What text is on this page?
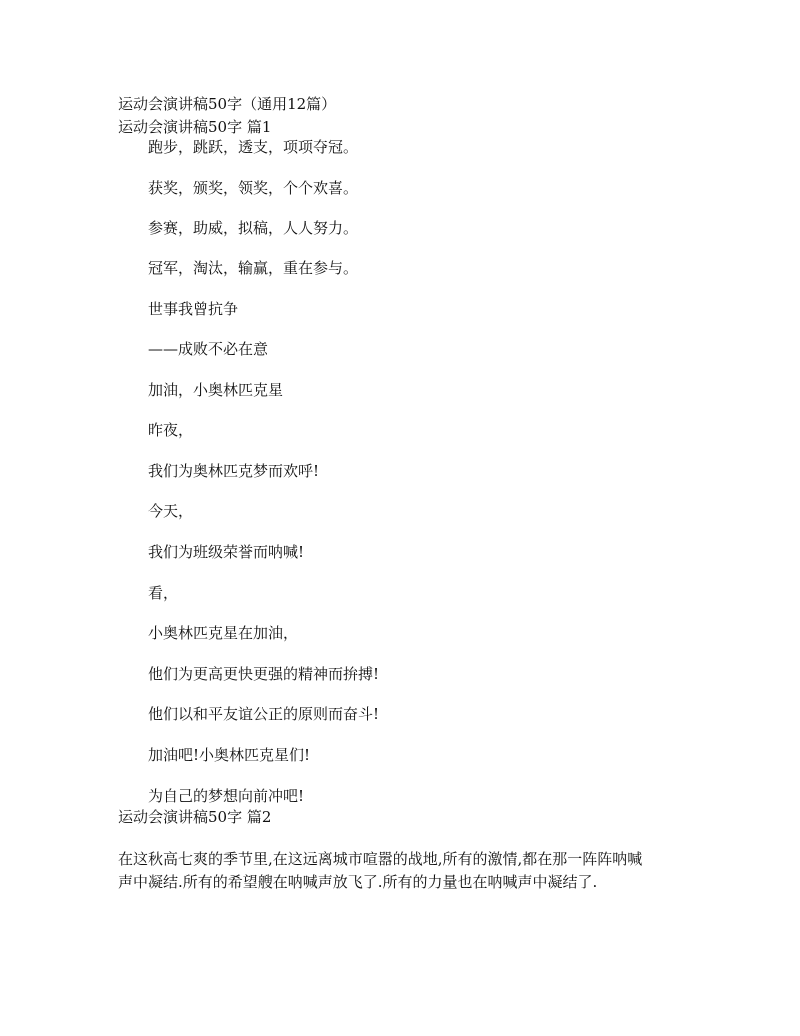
运动会演讲稿50字（通用12篇）
运动会演讲稿50字 篇1
跑步，跳跃，透支，项项夺冠。
获奖，颁奖，领奖，个个欢喜。
参赛，助威，拟稿，人人努力。
冠军，淘汰，输赢，重在参与。
世事我曾抗争
——成败不必在意
加油，小奥林匹克星
昨夜，
我们为奥林匹克梦而欢呼!
今天，
我们为班级荣誉而呐喊!
看，
小奥林匹克星在加油，
他们为更高更快更强的精神而拚搏!
他们以和平友谊公正的原则而奋斗!
加油吧!小奥林匹克星们!
为自己的梦想向前冲吧!
运动会演讲稿50字 篇2
在这秋高七爽的季节里,在这远离城市喧嚣的战地,所有的激情,都在那一阵阵呐喊
声中凝结.所有的希望艘在呐喊声放飞了.所有的力量也在呐喊声中凝结了.
